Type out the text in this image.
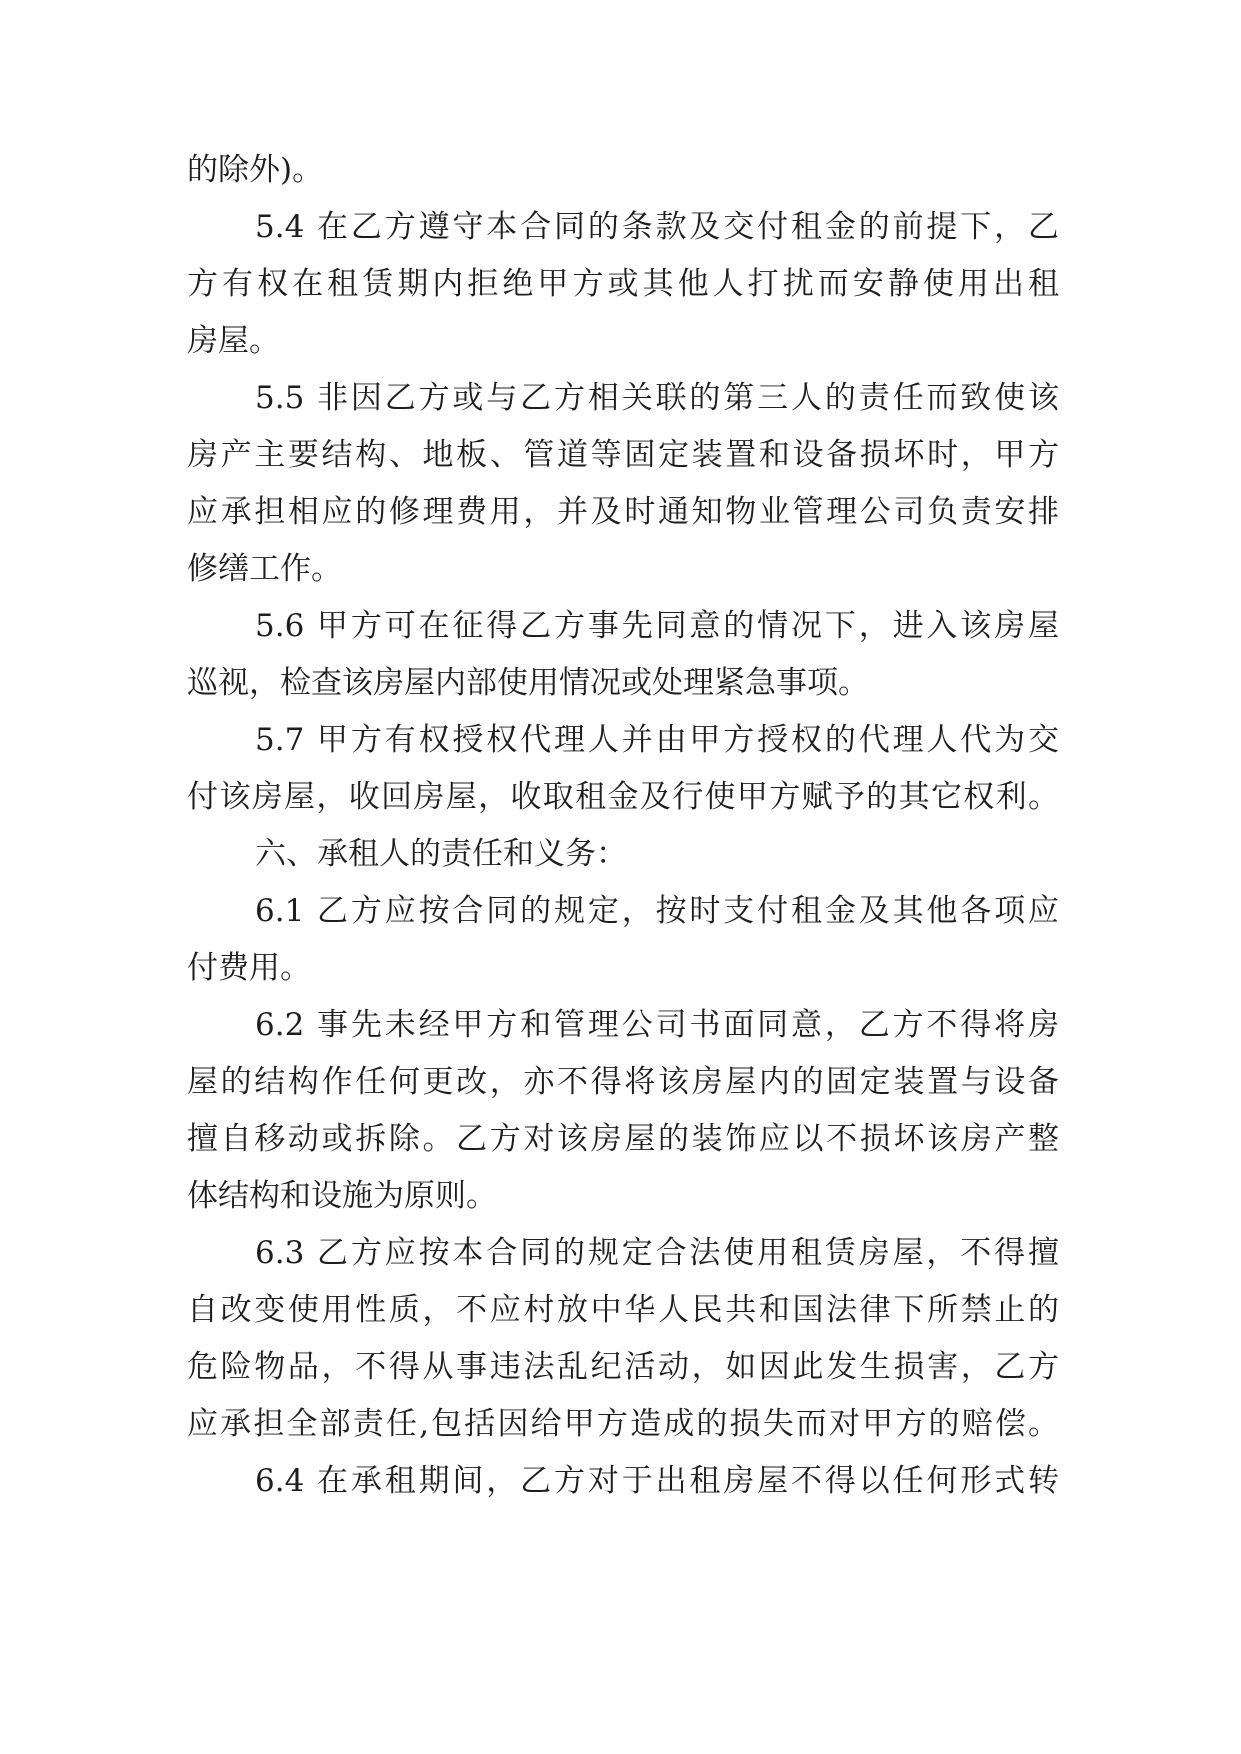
的除外)。
5.4 在乙方遵守本合同的条款及交付租金的前提下，乙
方有权在租赁期内拒绝甲方或其他人打扰而安静使用出租
房屋。
5.5 非因乙方或与乙方相关联的第三人的责任而致使该
房产主要结构、地板、管道等固定装置和设备损坏时，甲方
应承担相应的修理费用，并及时通知物业管理公司负责安排
修缮工作。
5.6 甲方可在征得乙方事先同意的情况下，进入该房屋
巡视，检查该房屋内部使用情况或处理紧急事项。
5.7 甲方有权授权代理人并由甲方授权的代理人代为交
付该房屋，收回房屋，收取租金及行使甲方赋予的其它权利。
六、承租人的责任和义务：
6.1 乙方应按合同的规定，按时支付租金及其他各项应
付费用。
6.2 事先未经甲方和管理公司书面同意，乙方不得将房
屋的结构作任何更改，亦不得将该房屋内的固定装置与设备
擅自移动或拆除。乙方对该房屋的装饰应以不损坏该房产整
体结构和设施为原则。
6.3 乙方应按本合同的规定合法使用租赁房屋，不得擅
自改变使用性质，不应村放中华人民共和国法律下所禁止的
危险物品，不得从事违法乱纪活动，如因此发生损害，乙方
应承担全部责任,包括因给甲方造成的损失而对甲方的赔偿。
6.4 在承租期间，乙方对于出租房屋不得以任何形式转
